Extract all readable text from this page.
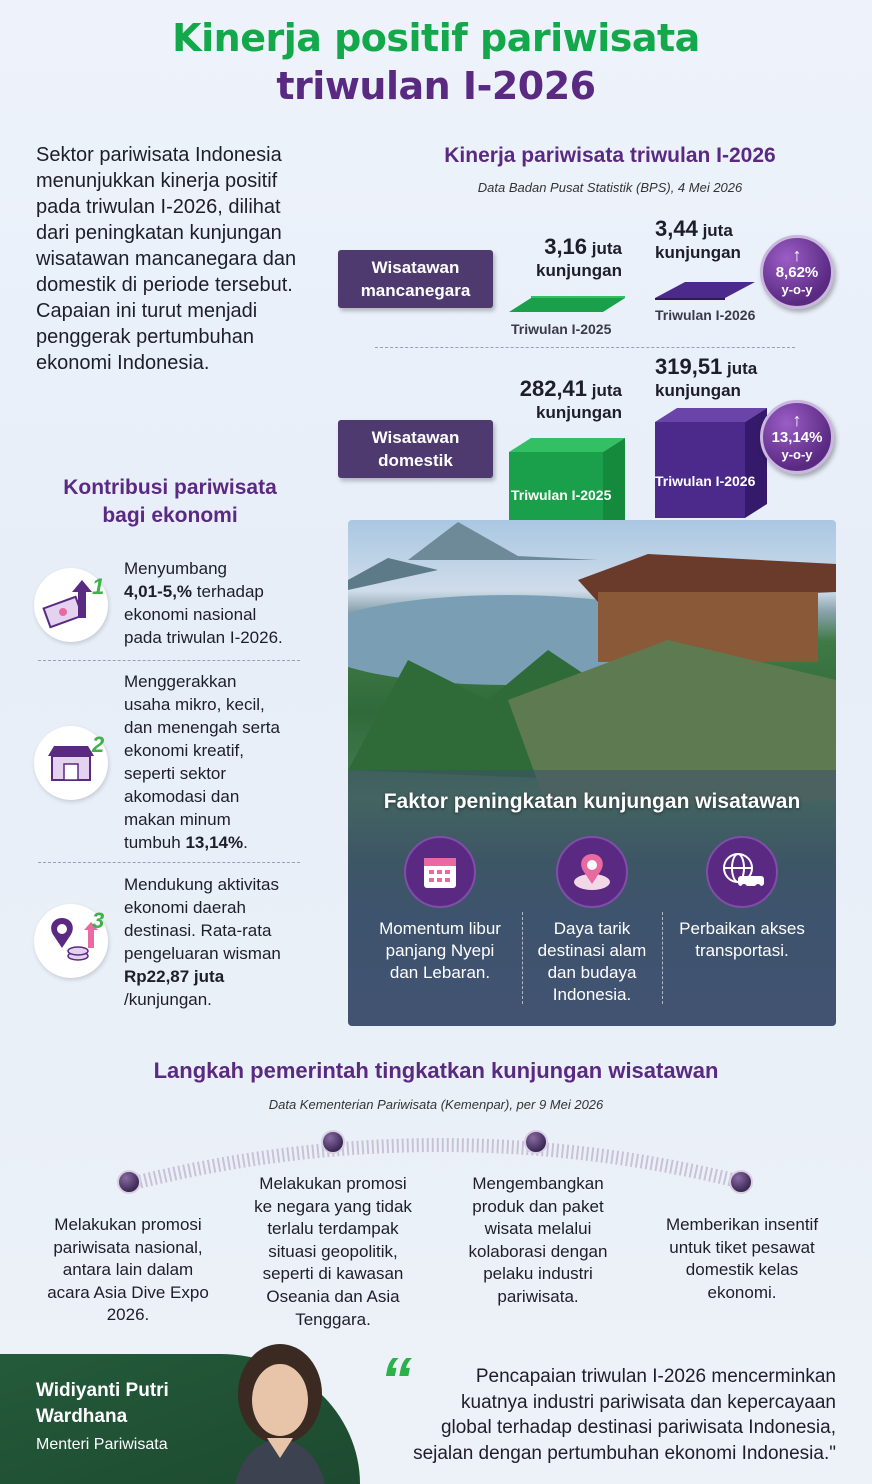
Kinerja positif pariwisata
triwulan I-2026
Sektor pariwisata Indonesia menunjukkan kinerja positif pada triwulan I-2026, dilihat dari peningkatan kunjungan wisatawan mancanegara dan domestik di periode tersebut. Capaian ini turut menjadi penggerak pertumbuhan ekonomi Indonesia.
Kinerja pariwisata triwulan I-2026
Data Badan Pusat Statistik (BPS), 4 Mei 2026
Wisatawan
mancanegara
3,16 juta
kunjungan
3,44 juta
kunjungan
Triwulan I-2025
Triwulan I-2026
↑
8,62%
y-o-y
Wisatawan
domestik
282,41 juta
kunjungan
319,51 juta
kunjungan
Triwulan I-2025
Triwulan I-2026
↑
13,14%
y-o-y
Faktor peningkatan kunjungan wisatawan
Momentum libur
panjang Nyepi
dan Lebaran.
Daya tarik
destinasi alam
dan budaya
Indonesia.
Perbaikan akses
transportasi.
Kontribusi pariwisata
bagi ekonomi
1
Menyumbang
4,01-5,% terhadap
ekonomi nasional
pada triwulan I-2026.
2
Menggerakkan
usaha mikro, kecil,
dan menengah serta
ekonomi kreatif,
seperti sektor
akomodasi dan
makan minum
tumbuh 13,14%.
3
Mendukung aktivitas
ekonomi daerah
destinasi. Rata-rata
pengeluaran wisman
Rp22,87 juta
/kunjungan.
Langkah pemerintah tingkatkan kunjungan wisatawan
Data Kementerian Pariwisata (Kemenpar), per 9 Mei 2026
Melakukan promosi
pariwisata nasional,
antara lain dalam
acara Asia Dive Expo
2026.
Melakukan promosi
ke negara yang tidak
terlalu terdampak
situasi geopolitik,
seperti di kawasan
Oseania dan Asia
Tenggara.
Mengembangkan
produk dan paket
wisata melalui
kolaborasi dengan
pelaku industri
pariwisata.
Memberikan insentif
untuk tiket pesawat
domestik kelas
ekonomi.
Widiyanti Putri
Wardhana
Menteri Pariwisata
“	Pencapaian triwulan I-2026 mencerminkan
kuatnya industri pariwisata dan kepercayaan
global terhadap destinasi pariwisata Indonesia,
sejalan dengan pertumbuhan ekonomi Indonesia."
